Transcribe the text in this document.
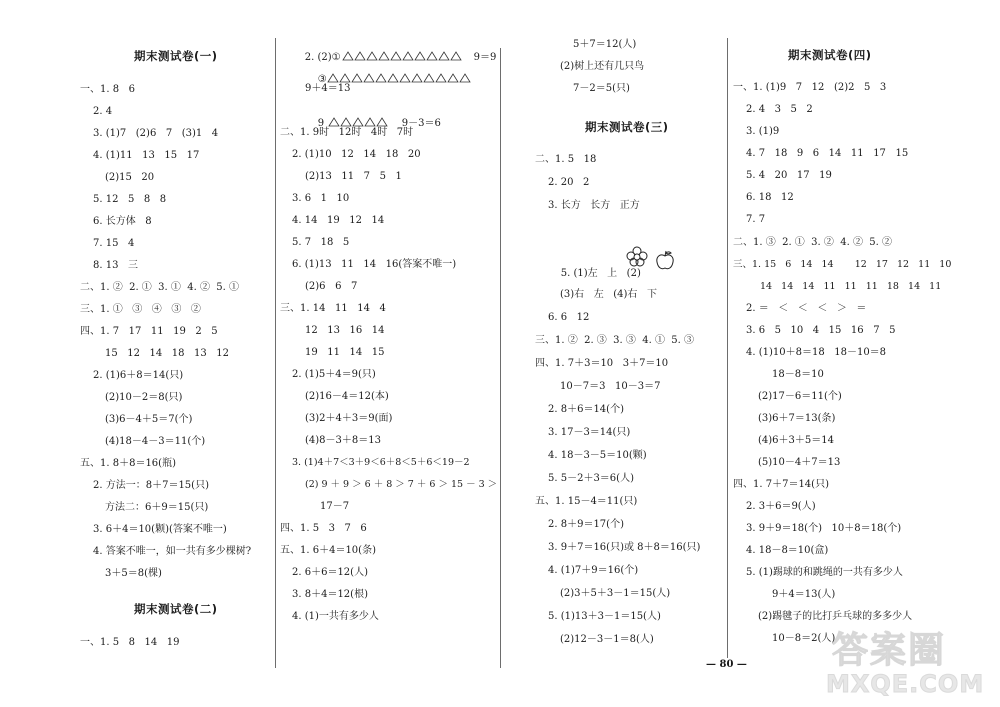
期末测试卷(一)
一、1. 8   6
2. 4
3. (1)7   (2)6   7   (3)1   4
4. (1)11   13   15   17
(2)15   20
5. 12   5   8   8
6. 长方体   8
7. 15   4
8. 13   三
二、1. ②  2. ①  3. ①  4. ②  5. ①
三、1. ①   ③   ④   ③   ②
四、1. 7   17   11   19   2   5
15   12   14   18   13   12
2. (1)6＋8＝14(只)
(2)10－2＝8(只)
(3)6－4＋5＝7(个)
(4)18－4－3＝11(个)
五、1. 8＋8＝16(瓶)
2. 方法一：8＋7＝15(只)
方法二：6＋9＝15(只)
3. 6＋4＝10(颗)(答案不唯一)
4. 答案不唯一，如一共有多少棵树?
3＋5＝8(棵)
期末测试卷(二)
一、1. 5   8   14   19

2. (2)①	9＝9

③

9＋4＝13

9	9－3＝6

二、1. 9时   12时   4时   7时
2. (1)10   12   14   18   20
(2)13   11   7   5   1
3. 6   1   10
4. 14   19   12   14
5. 7   18   5
6. (1)13   11   14   16(答案不唯一)
(2)6   6   7
三、1. 14   11   14   4
12   13   16   14
19   11   14   15
2. (1)5＋4＝9(只)
(2)16－4＝12(本)
(3)2＋4＋3＝9(面)
(4)8－3＋8＝13
3. (1)4＋7＜3＋9＜6＋8＜5＋6＜19－2
(2) 9 ＋ 9 ＞ 6 ＋ 8 ＞ 7 ＋ 6 ＞ 15 － 3 ＞
17－7
四、1. 5   3   7   6
五、1. 6＋4＝10(条)
2. 6＋6＝12(人)
3. 8＋4＝12(根)
4. (1)一共有多少人
5＋7＝12(人)
(2)树上还有几只鸟
7－2＝5(只)
期末测试卷(三)
二、1. 5   18
2. 20   2
3. 长方   长方   正方

5. (1)左   上   (2)

(3)右   左   (4)右   下
6. 6   12
三、1. ②  2. ③  3. ③  4. ①  5. ③
四、1. 7＋3＝10   3＋7＝10
10－7＝3   10－3＝7
2. 8＋6＝14(个)
3. 17－3＝14(只)
4. 18－3－5＝10(颗)
5. 5－2＋3＝6(人)
五、1. 15－4＝11(只)
2. 8＋9＝17(个)
3. 9＋7＝16(只)或 8＋8＝16(只)
4. (1)7＋9＝16(个)
(2)3＋5＋3－1＝15(人)
5. (1)13＋3－1＝15(人)
(2)12－3－1＝8(人)
期末测试卷(四)
一、1. (1)9   7   12   (2)2   5   3
2. 4   3   5   2
3. (1)9
4. 7   18   9   6   14   11   17   15
5. 4   20   17   19
6. 18   12
7. 7
二、1. ③  2. ①  3. ②  4. ②  5. ②
三、1. 15   6   14   14       12   17   12   11   10
14   14   14   11   11   11   18   14   11
2. ＝   ＜   ＜   ＜   ＞   ＝
3. 6   5   10   4   15   16   7   5
4. (1)10＋8＝18   18－10＝8
18－8＝10
(2)17－6＝11(个)
(3)6＋7＝13(条)
(4)6＋3＋5＝14
(5)10－4＋7＝13
四、1. 7＋7＝14(只)
2. 3＋6＝9(人)
3. 9＋9＝18(个)   10＋8＝18(个)
4. 18－8＝10(盒)
5. (1)踢球的和跳绳的一共有多少人
9＋4＝13(人)
(2)踢毽子的比打乒乓球的多多少人
10－8＝2(人)
— 80 — 答案圈
MXQE.COM
